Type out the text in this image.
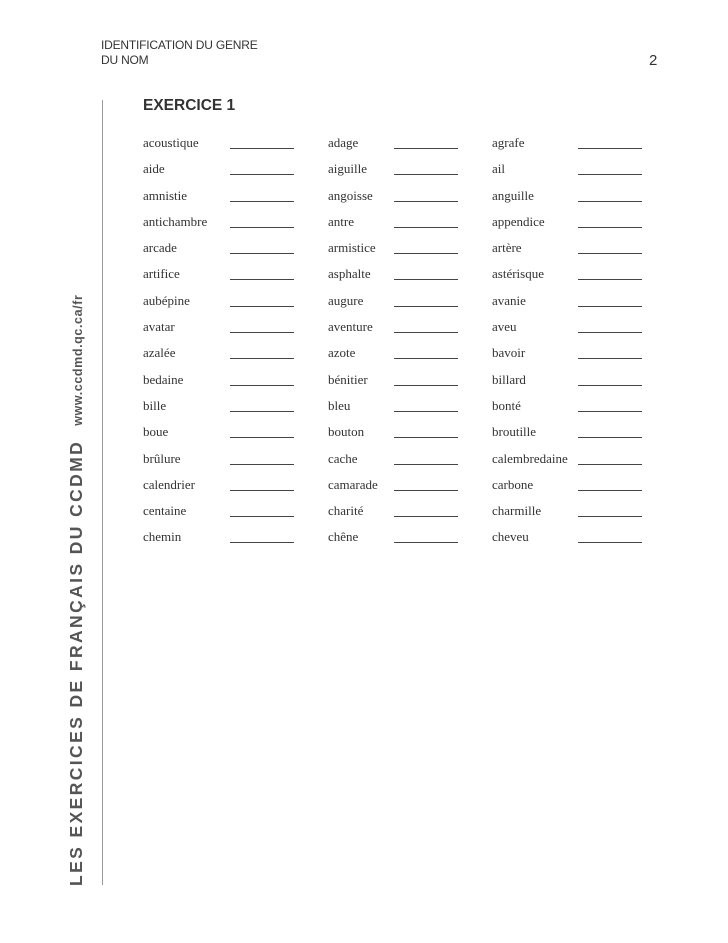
IDENTIFICATION DU GENRE
DU NOM	2
LES EXERCICES DE FRANÇAIS DU CCDMDwww.ccdmd.qc.ca/fr
EXERCICE 1
acoustique	adage	agrafe
aide	aiguille	ail
amnistie	angoisse	anguille
antichambre	antre	appendice
arcade	armistice	artère
artifice	asphalte	astérisque
aubépine	augure	avanie
avatar	aventure	aveu
azalée	azote	bavoir
bedaine	bénitier	billard
bille	bleu	bonté
boue	bouton	broutille
brûlure	cache	calembredaine
calendrier	camarade	carbone
centaine	charité	charmille
chemin	chêne	cheveu
